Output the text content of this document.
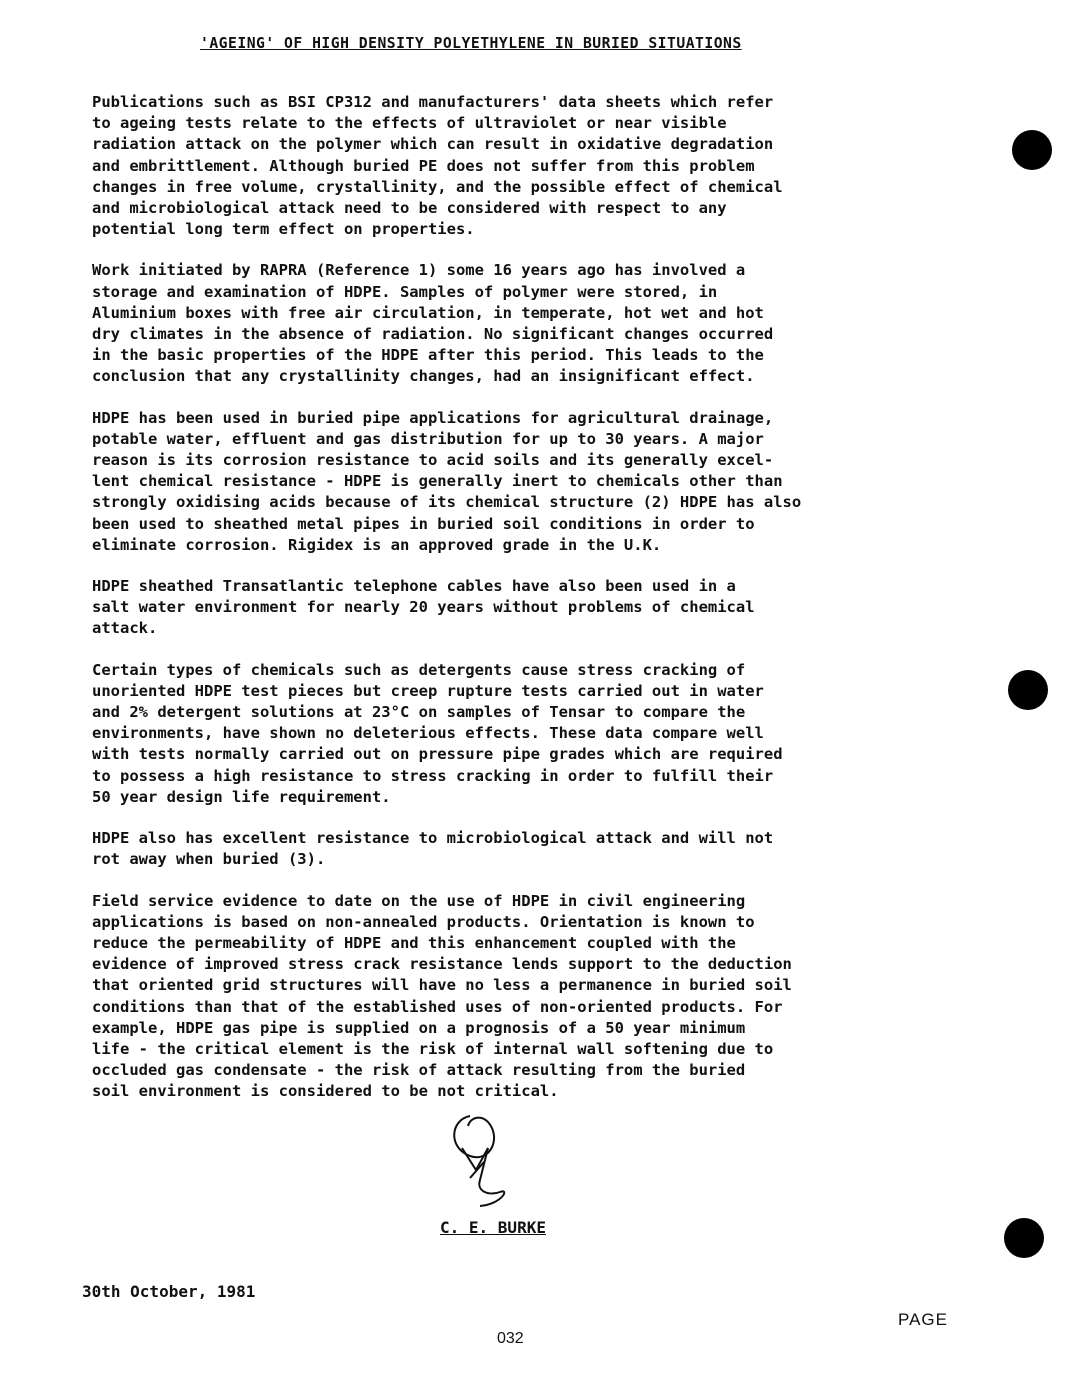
'AGEING' OF HIGH DENSITY POLYETHYLENE IN BURIED SITUATIONS

Publications such as BSI CP312 and manufacturers' data sheets which refer
to ageing tests relate to the effects of ultraviolet or near visible
radiation attack on the polymer which can result in oxidative degradation
and embrittlement. Although buried PE does not suffer from this problem
changes in free volume, crystallinity, and the possible effect of chemical
and microbiological attack need to be considered with respect to any
potential long term effect on properties.

Work initiated by RAPRA (Reference 1) some 16 years ago has involved a
storage and examination of HDPE. Samples of polymer were stored, in
Aluminium boxes with free air circulation, in temperate, hot wet and hot
dry climates in the absence of radiation. No significant changes occurred
in the basic properties of the HDPE after this period. This leads to the
conclusion that any crystallinity changes, had an insignificant effect.

HDPE has been used in buried pipe applications for agricultural drainage,
potable water, effluent and gas distribution for up to 30 years. A major
reason is its corrosion resistance to acid soils and its generally excel-
lent chemical resistance - HDPE is generally inert to chemicals other than
strongly oxidising acids because of its chemical structure (2) HDPE has also
been used to sheathed metal pipes in buried soil conditions in order to
eliminate corrosion. Rigidex is an approved grade in the U.K.

HDPE sheathed Transatlantic telephone cables have also been used in a
salt water environment for nearly 20 years without problems of chemical
attack.

Certain types of chemicals such as detergents cause stress cracking of
unoriented HDPE test pieces but creep rupture tests carried out in water
and 2% detergent solutions at 23°C on samples of Tensar to compare the
environments, have shown no deleterious effects. These data compare well
with tests normally carried out on pressure pipe grades which are required
to possess a high resistance to stress cracking in order to fulfill their
50 year design life requirement.

HDPE also has excellent resistance to microbiological attack and will not
rot away when buried (3).

Field service evidence to date on the use of HDPE in civil engineering
applications is based on non-annealed products. Orientation is known to
reduce the permeability of HDPE and this enhancement coupled with the
evidence of improved stress crack resistance lends support to the deduction
that oriented grid structures will have no less a permanence in buried soil
conditions than that of the established uses of non-oriented products. For
example, HDPE gas pipe is supplied on a prognosis of a 50 year minimum
life - the critical element is the risk of internal wall softening due to
occluded gas condensate - the risk of attack resulting from the buried
soil environment is considered to be not critical.

C. E. BURKE
30th October, 1981
PAGE
032
